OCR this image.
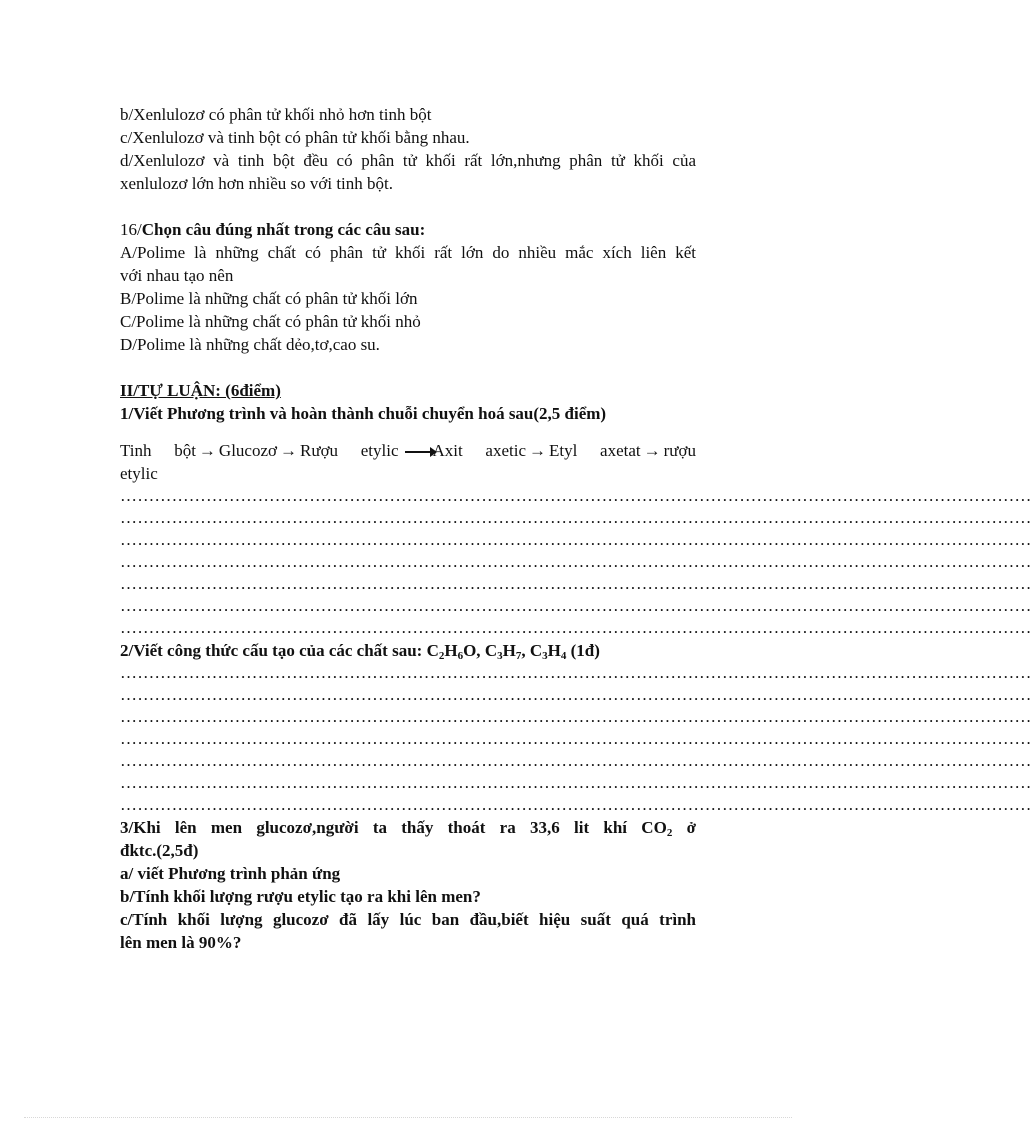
b/Xenlulozơ có phân tử khối nhỏ hơn tinh bột
c/Xenlulozơ và tinh bột có phân tử khối bằng nhau.
d/Xenlulozơ và tinh bột đều có phân tử khối rất lớn,nhưng phân tử khối của
xenlulozơ lớn hơn nhiều so với tinh bột.
16/Chọn câu đúng nhất trong các câu sau:
A/Polime là những chất có phân tử khối rất lớn do nhiều mắc xích liên kết
với nhau tạo nên
B/Polime là những chất có phân tử khối lớn
C/Polime là những chất có phân tử khối nhỏ
D/Polime là những chất dẻo,tơ,cao su.
II/TỰ LUẬN: (6điểm)
1/Viết Phương trình và hoàn thành chuỗi chuyển hoá sau(2,5 điểm)
Tinh bột → Glucozơ → Rượu etylic Axit axetic → Etyl axetat → rượu
etylic
……………………………………………………………………………………………………………………………………………
……………………………………………………………………………………………………………………………………………
……………………………………………………………………………………………………………………………………………
……………………………………………………………………………………………………………………………………………
……………………………………………………………………………………………………………………………………………
……………………………………………………………………………………………………………………………………………
……………………………………………………………………………………………………………………………………………
2/Viết công thức cấu tạo của các chất sau: $C_2H_6O$, $C_3H_7$, $C_3H_4$ (1đ)
……………………………………………………………………………………………………………………………………………
……………………………………………………………………………………………………………………………………………
……………………………………………………………………………………………………………………………………………
……………………………………………………………………………………………………………………………………………
……………………………………………………………………………………………………………………………………………
……………………………………………………………………………………………………………………………………………
……………………………………………………………………………………………………………………………………………
3/Khi lên men glucozơ,người ta thấy thoát ra 33,6 lit khí $CO_2$ ở
đktc.(2,5đ)
a/ viết Phương trình phản ứng
b/Tính khối lượng rượu etylic tạo ra khi lên men?
c/Tính khối lượng glucozơ đã lấy lúc ban đầu,biết hiệu suất quá trình
lên men là 90%?
